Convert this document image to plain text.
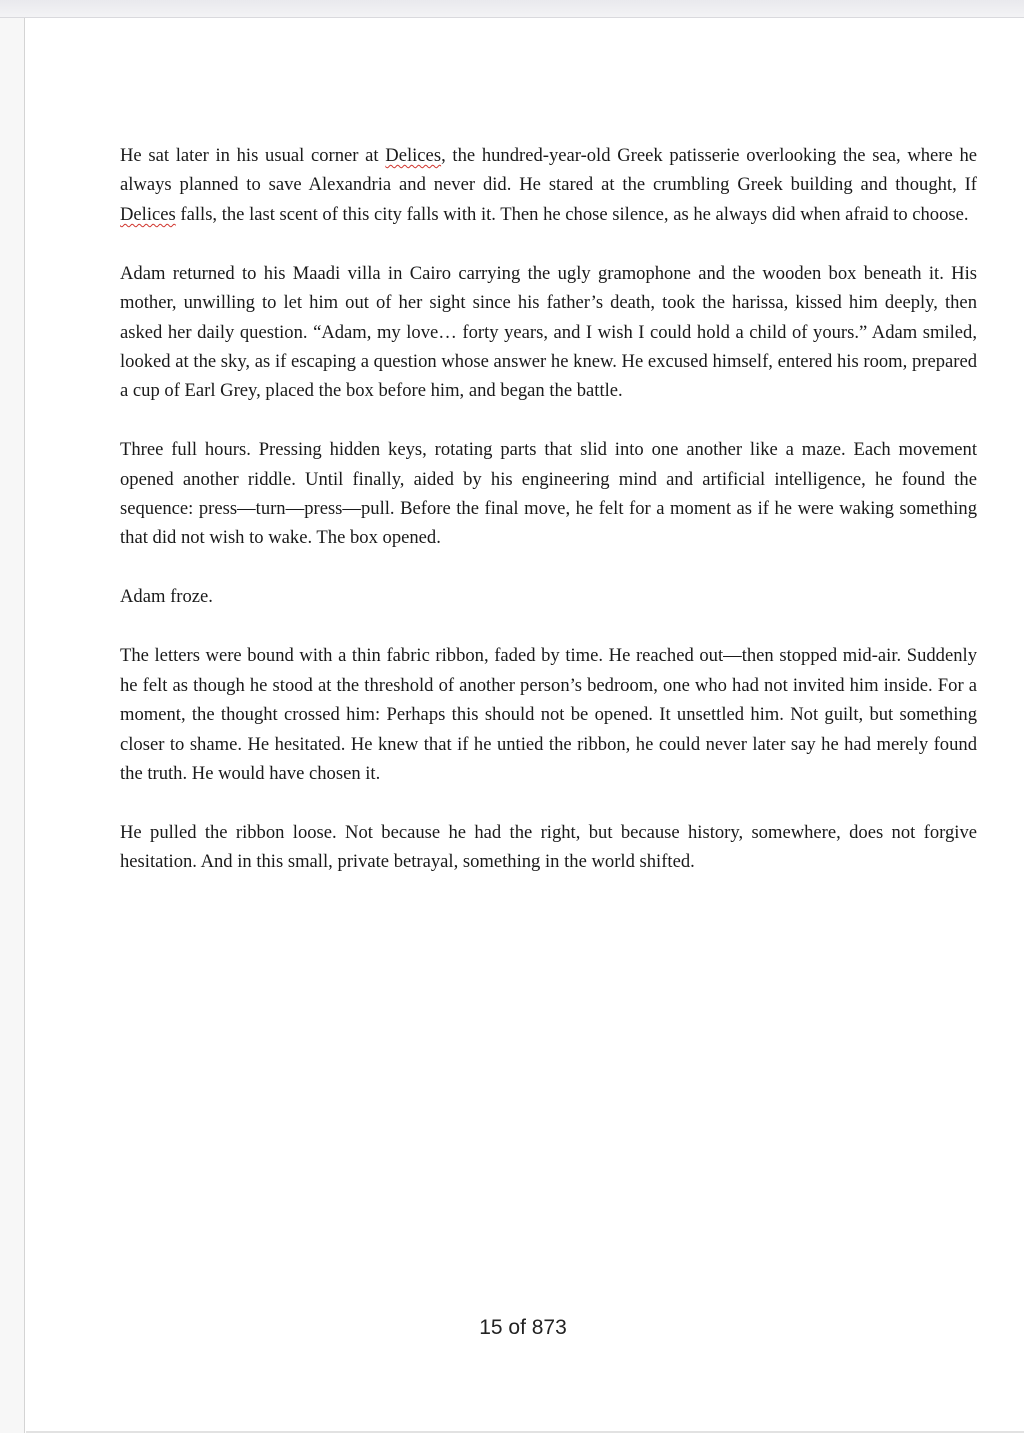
He sat later in his usual corner at Delices, the hundred-year-old Greek patisserie overlooking the sea, where he always planned to save Alexandria and never did. He stared at the crumbling Greek building and thought, If Delices falls, the last scent of this city falls with it. Then he chose silence, as he always did when afraid to choose.

Adam returned to his Maadi villa in Cairo carrying the ugly gramophone and the wooden box beneath it. His mother, unwilling to let him out of her sight since his father’s death, took the harissa, kissed him deeply, then asked her daily question. “Adam, my love… forty years, and I wish I could hold a child of yours.” Adam smiled, looked at the sky, as if escaping a question whose answer he knew. He excused himself, entered his room, prepared a cup of Earl Grey, placed the box before him, and began the battle.

Three full hours. Pressing hidden keys, rotating parts that slid into one another like a maze. Each movement opened another riddle. Until finally, aided by his engineering mind and artificial intelligence, he found the sequence: press—turn—press—pull. Before the final move, he felt for a moment as if he were waking something that did not wish to wake. The box opened.

Adam froze.

The letters were bound with a thin fabric ribbon, faded by time. He reached out—then stopped mid-air. Suddenly he felt as though he stood at the threshold of another person’s bedroom, one who had not invited him inside. For a moment, the thought crossed him: Perhaps this should not be opened. It unsettled him. Not guilt, but something closer to shame. He hesitated. He knew that if he untied the ribbon, he could never later say he had merely found the truth. He would have chosen it.

He pulled the ribbon loose. Not because he had the right, but because history, somewhere, does not forgive hesitation. And in this small, private betrayal, something in the world shifted.

15 of 873
